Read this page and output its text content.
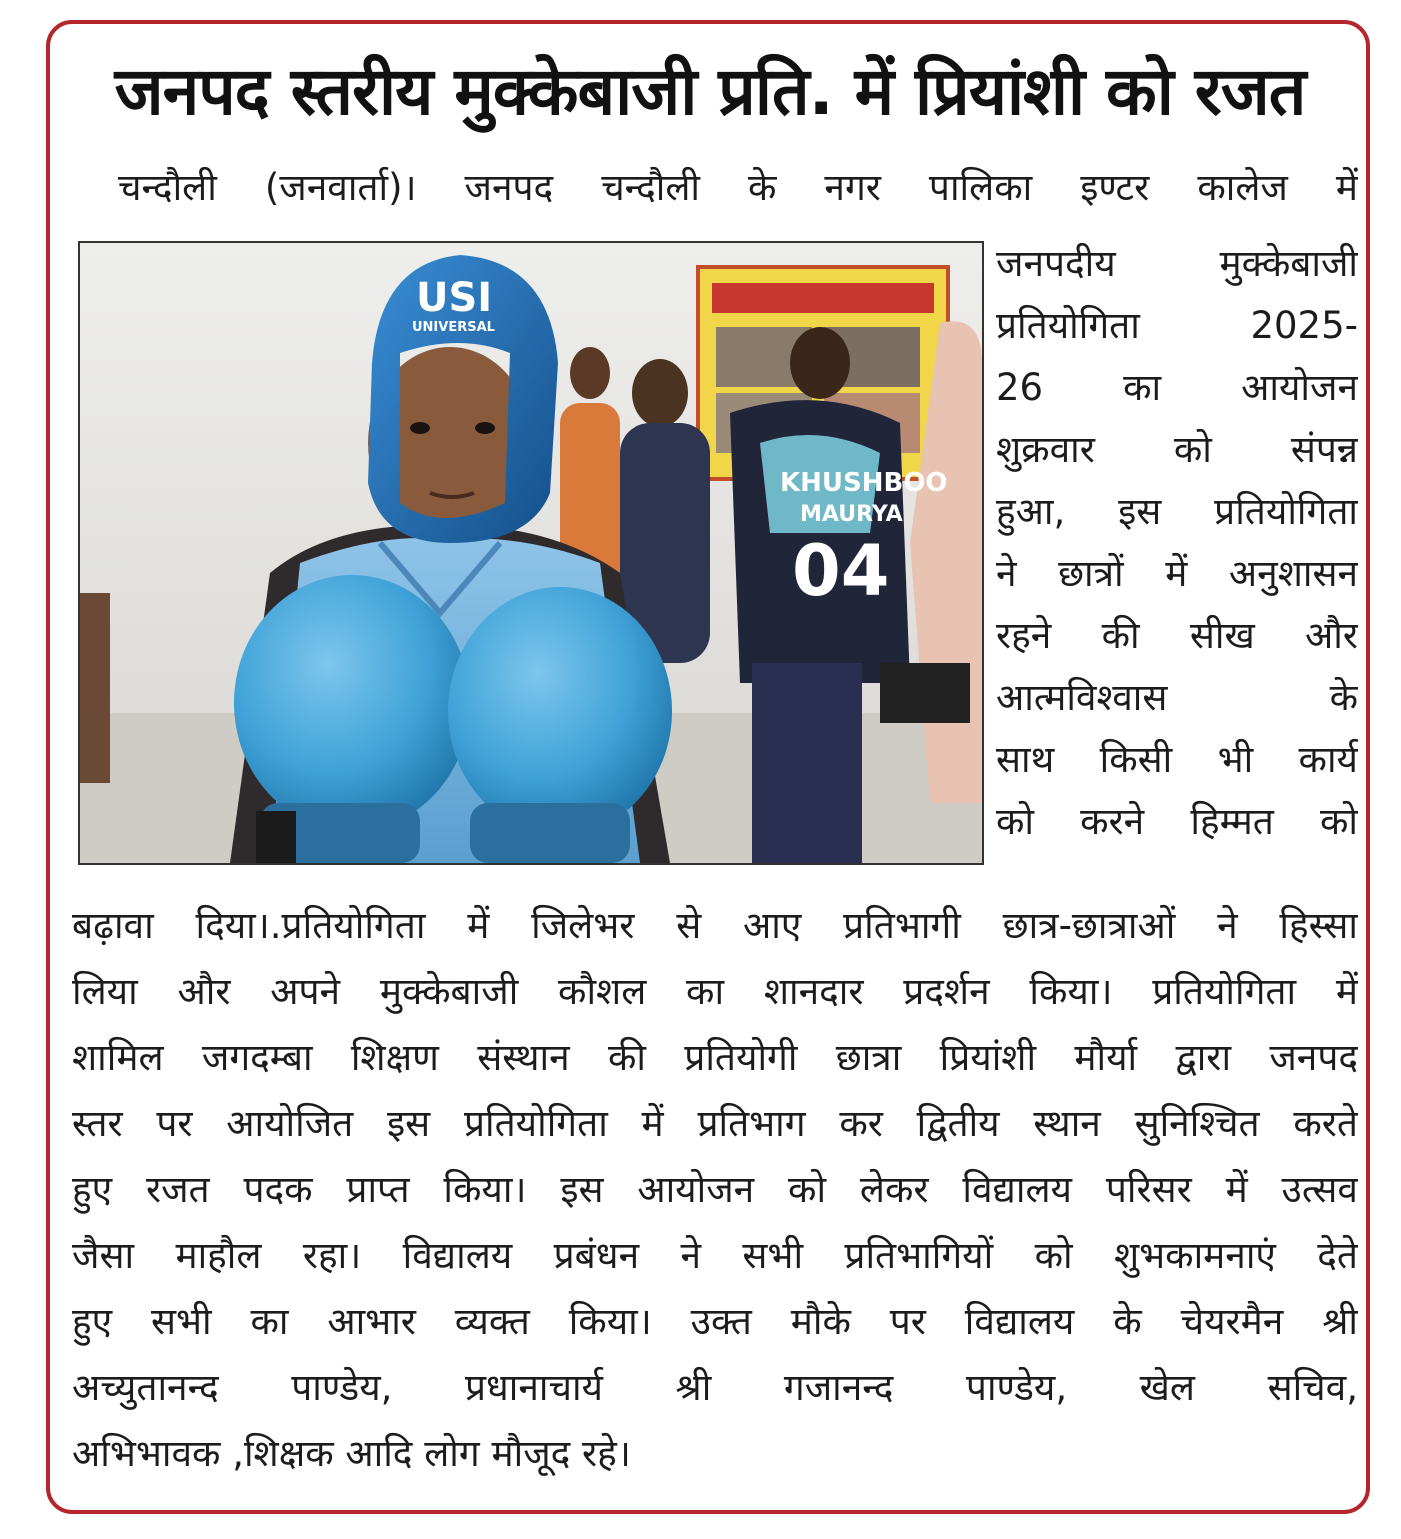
जनपद स्तरीय मुक्केबाजी प्रति. में प्रियांशी को रजत

चन्दौली (जनवार्ता)। जनपद चन्दौली के नगर पालिका इण्टर कालेज में

KHUSHBOO
MAURYA
04
USI
UNIVERSAL

जनपदीय मुक्केबाजी

प्रतियोगिता 2025-

26 का आयोजन

शुक्रवार को संपन्न

हुआ, इस प्रतियोगिता

ने छात्रों में अनुशासन

रहने की सीख और

आत्मविश्वास के

साथ किसी भी कार्य

को करने हिम्मत को

बढ़ावा दिया।.प्रतियोगिता में जिलेभर से आए प्रतिभागी छात्र-छात्राओं ने हिस्सा

लिया और अपने मुक्केबाजी कौशल का शानदार प्रदर्शन किया। प्रतियोगिता में

शामिल जगदम्बा शिक्षण संस्थान की प्रतियोगी छात्रा प्रियांशी मौर्या द्वारा जनपद

स्तर पर आयोजित इस प्रतियोगिता में प्रतिभाग कर द्वितीय स्थान सुनिश्चित करते

हुए रजत पदक प्राप्त किया। इस आयोजन को लेकर विद्यालय परिसर में उत्सव

जैसा माहौल रहा। विद्यालय प्रबंधन ने सभी प्रतिभागियों को शुभकामनाएं देते

हुए सभी का आभार व्यक्त किया। उक्त मौके पर विद्यालय के चेयरमैन श्री

अच्युतानन्द पाण्डेय, प्रधानाचार्य श्री गजानन्द पाण्डेय, खेल सचिव,

अभिभावक ,शिक्षक आदि लोग मौजूद रहे।
